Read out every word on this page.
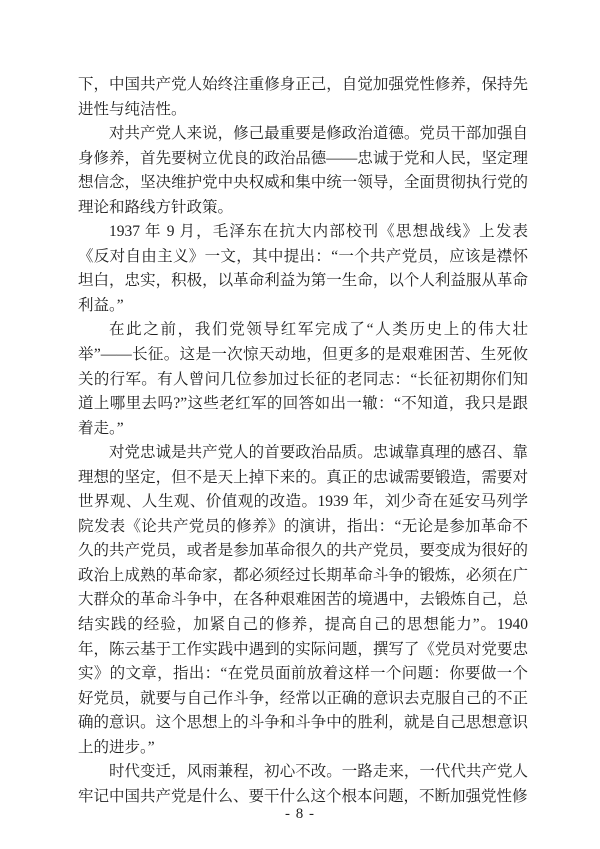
下，中国共产党人始终注重修身正己，自觉加强党性修养，保持先进性与纯洁性。

对共产党人来说，修己最重要是修政治道德。党员干部加强自身修养，首先要树立优良的政治品德——忠诚于党和人民，坚定理想信念，坚决维护党中央权威和集中统一领导，全面贯彻执行党的理论和路线方针政策。

1937 年 9 月，毛泽东在抗大内部校刊《思想战线》上发表《反对自由主义》一文，其中提出：“一个共产党员，应该是襟怀坦白，忠实，积极，以革命利益为第一生命，以个人利益服从革命利益。”

在此之前，我们党领导红军完成了“人类历史上的伟大壮举”——长征。这是一次惊天动地，但更多的是艰难困苦、生死攸关的行军。有人曾问几位参加过长征的老同志：“长征初期你们知道上哪里去吗?”这些老红军的回答如出一辙：“不知道，我只是跟着走。”

对党忠诚是共产党人的首要政治品质。忠诚靠真理的感召、靠理想的坚定，但不是天上掉下来的。真正的忠诚需要锻造，需要对世界观、人生观、价值观的改造。1939 年，刘少奇在延安马列学院发表《论共产党员的修养》的演讲，指出：“无论是参加革命不久的共产党员，或者是参加革命很久的共产党员，要变成为很好的政治上成熟的革命家，都必须经过长期革命斗争的锻炼，必须在广大群众的革命斗争中，在各种艰难困苦的境遇中，去锻炼自己，总结实践的经验，加紧自己的修养，提高自己的思想能力”。1940 年，陈云基于工作实践中遇到的实际问题，撰写了《党员对党要忠实》的文章，指出：“在党员面前放着这样一个问题：你要做一个好党员，就要与自己作斗争，经常以正确的意识去克服自己的不正确的意识。这个思想上的斗争和斗争中的胜利，就是自己思想意识上的进步。”

时代变迁，风雨兼程，初心不改。一路走来，一代代共产党人牢记中国共产党是什么、要干什么这个根本问题，不断加强党性修

- 8 -
